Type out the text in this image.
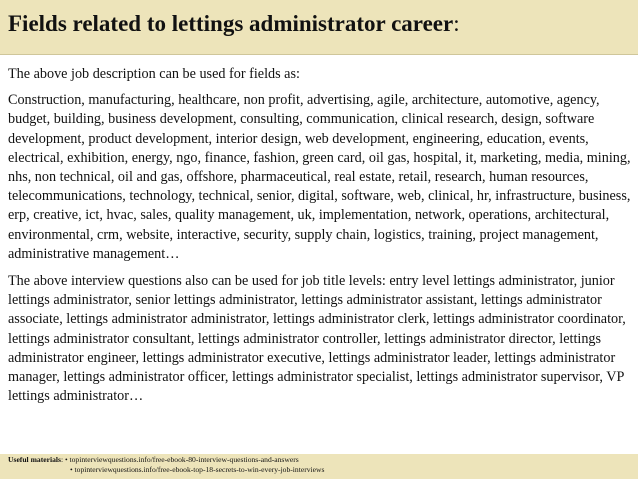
Fields related to lettings administrator career:

The above job description can be used for fields as:

Construction, manufacturing, healthcare, non profit, advertising, agile, architecture, automotive, agency, budget, building, business development, consulting, communication, clinical research, design, software development, product development, interior design, web development, engineering, education, events, electrical, exhibition, energy, ngo, finance, fashion, green card, oil gas, hospital, it, marketing, media, mining, nhs, non technical, oil and gas, offshore, pharmaceutical, real estate, retail, research, human resources, telecommunications, technology, technical, senior, digital, software, web, clinical, hr, infrastructure, business, erp, creative, ict, hvac, sales, quality management, uk, implementation, network, operations, architectural, environmental, crm, website, interactive, security, supply chain, logistics, training, project management, administrative management…

The above interview questions also can be used for job title levels: entry level lettings administrator, junior lettings administrator, senior lettings administrator, lettings administrator assistant, lettings administrator associate, lettings administrator administrator, lettings administrator clerk, lettings administrator coordinator, lettings administrator consultant, lettings administrator controller, lettings administrator director, lettings administrator engineer, lettings administrator executive, lettings administrator leader, lettings administrator manager, lettings administrator officer, lettings administrator specialist, lettings administrator supervisor, VP lettings administrator…

Useful materials: • topinterviewquestions.info/free-ebook-80-interview-questions-and-answers
• topinterviewquestions.info/free-ebook-top-18-secrets-to-win-every-job-interviews
